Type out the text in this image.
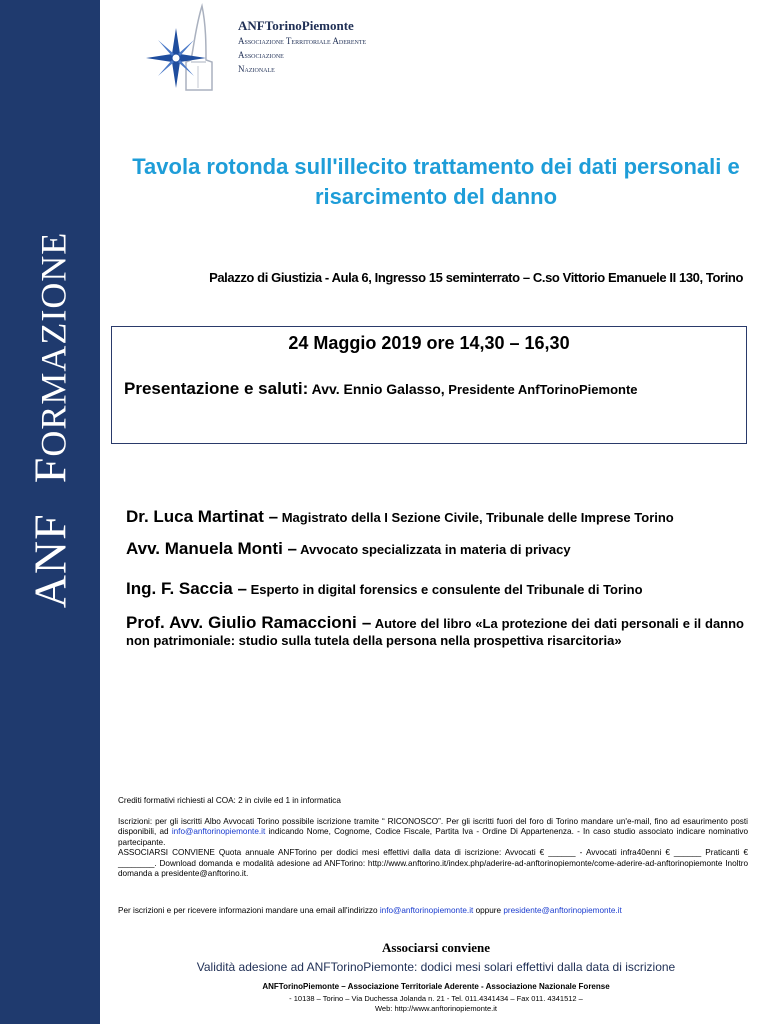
ANFFORMAZIONE
ANFTorinoPiemonte
Associazione Territoriale Aderente
Associazione
Nazionale
Tavola rotonda sull'illecito trattamento dei dati personali e risarcimento del danno
Palazzo di Giustizia - Aula 6, Ingresso 15 seminterrato – C.so Vittorio Emanuele II 130, Torino
24 Maggio 2019 ore 14,30 – 16,30
Presentazione e saluti: Avv. Ennio Galasso, Presidente AnfTorinoPiemonte
Dr. Luca Martinat – Magistrato della I Sezione Civile, Tribunale delle Imprese Torino
Avv. Manuela Monti – Avvocato specializzata in materia di privacy
Ing. F. Saccia – Esperto in digital forensics e consulente del Tribunale di Torino
Prof. Avv. Giulio Ramaccioni – Autore del libro «La protezione dei dati personali e il danno non patrimoniale: studio sulla tutela della persona nella prospettiva risarcitoria»

Crediti formativi richiesti al COA: 2 in civile ed 1 in informatica

Iscrizioni: per gli iscritti Albo Avvocati Torino possibile iscrizione tramite “ RICONOSCO”. Per gli iscritti fuori del foro di Torino mandare un'e-mail, fino ad esaurimento posti disponibili, ad info@anftorinopiemonte.it indicando Nome, Cognome, Codice Fiscale, Partita Iva - Ordine Di Appartenenza. - In caso studio associato indicare nominativo partecipante.

ASSOCIARSI CONVIENE Quota annuale ANFTorino per dodici mesi effettivi dalla data di iscrizione: Avvocati € ______ - Avvocati infra40enni € ______ Praticanti € ________. Download domanda e modalità adesione ad ANFTorino: http://www.anftorino.it/index.php/aderire-ad-anftorinopiemonte/come-aderire-ad-anftorinopiemonte Inoltro domanda a presidente@anftorino.it.

Per iscrizioni e per ricevere informazioni mandare una email all'indirizzo info@anftorinopiemonte.it oppure presidente@anftorinopiemonte.it
Associarsi conviene
Validità adesione ad ANFTorinoPiemonte: dodici mesi solari effettivi dalla data di iscrizione
ANFTorinoPiemonte – Associazione Territoriale Aderente - Associazione Nazionale Forense
- 10138 – Torino – Via Duchessa Jolanda n. 21 - Tel. 011.4341434 – Fax 011. 4341512 –
Web: http://www.anftorinopiemonte.it
